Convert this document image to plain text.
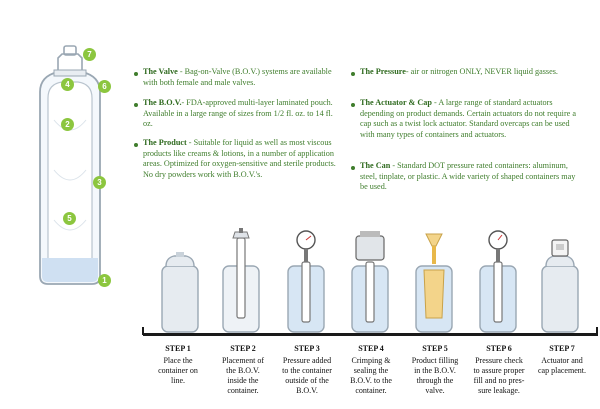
7
4	6
2
3
5
1
The Valve - Bag-on-Valve (B.O.V.) systems are available with both female and male valves.
The B.O.V.- FDA-approved multi-layer laminated pouch. Available in a large range of sizes from 1/2 fl. oz. to 14 fl. oz.
The Product - Suitable for liquid as well as most viscous products like creams & lotions, in a number of application areas. Optimized for oxygen-sensitive and sterile products. No dry powders work with B.O.V.'s.
The Pressure- air or nitrogen ONLY, NEVER liquid gasses.
The Actuator & Cap - A large range of standard actuators depending on product demands. Certain actuators do not require a cap such as a twist lock actuator. Standard overcaps can be used with many types of containers and actuators.
The Can - Standard DOT pressure rated containers: aluminum, steel, tinplate, or plastic. A wide variety of shaped containers may be used.
STEP 1
Place the
container on
line.
STEP 2
Placement of
the B.O.V.
inside the
container.
STEP 3
Pressure added
to the container
outside of the
B.O.V.
STEP 4
Crimping &
sealing the
B.O.V. to the
container.
STEP 5
Product filling
in the B.O.V.
through the
valve.
STEP 6
Pressure check
to assure proper
fill and no pres-
sure leakage.
STEP 7
Actuator and
cap placement.
